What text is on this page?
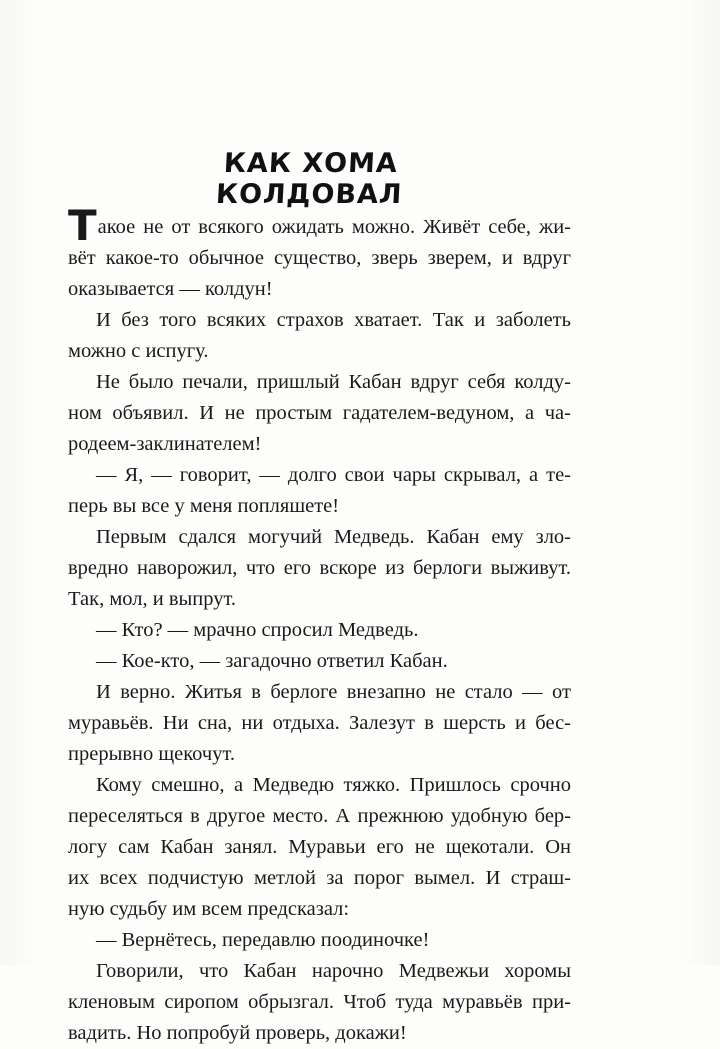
КАК ХОМА КОЛДОВАЛ
Такое не от всякого ожидать можно. Живёт себе, жи-
вёт какое-то обычное существо, зверь зверем, и вдруг
оказывается — колдун!
И без того всяких страхов хватает. Так и заболеть
можно с испугу.
Не было печали, пришлый Кабан вдруг себя колду-
ном объявил. И не простым гадателем-ведуном, а ча-
родеем-заклинателем!
— Я, — говорит, — долго свои чары скрывал, а те-
перь вы все у меня попляшете!
Первым сдался могучий Медведь. Кабан ему зло-
вредно наворожил, что его вскоре из берлоги выживут.
Так, мол, и выпрут.
— Кто? — мрачно спросил Медведь.
— Кое-кто, — загадочно ответил Кабан.
И верно. Житья в берлоге внезапно не стало — от
муравьёв. Ни сна, ни отдыха. Залезут в шерсть и бес-
прерывно щекочут.
Кому смешно, а Медведю тяжко. Пришлось срочно
переселяться в другое место. А прежнюю удобную бер-
логу сам Кабан занял. Муравьи его не щекотали. Он
их всех подчистую метлой за порог вымел. И страш-
ную судьбу им всем предсказал:
— Вернётесь, передавлю поодиночке!
Говорили, что Кабан нарочно Медвежьи хоромы
кленовым сиропом обрызгал. Чтоб туда муравьёв при-
вадить. Но попробуй проверь, докажи!
